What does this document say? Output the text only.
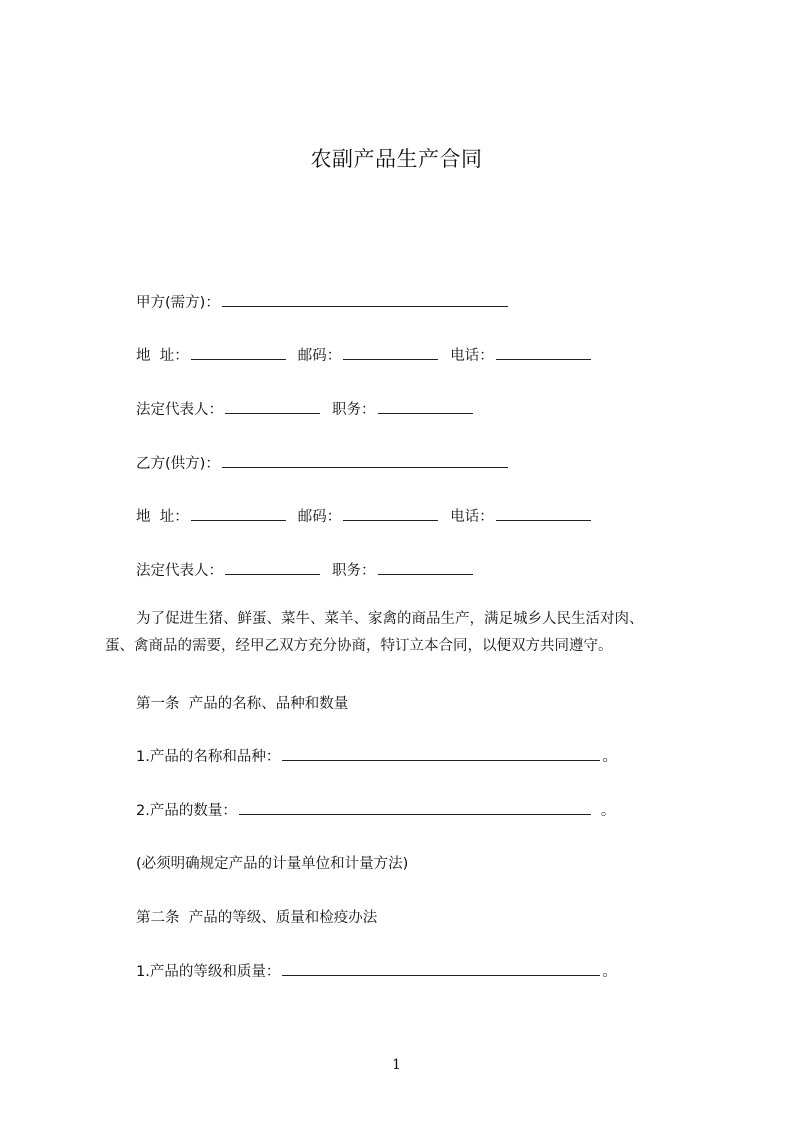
农副产品生产合同
甲方(需方)：
地  址：	邮码：	电话：
法定代表人：	职务：
乙方(供方)：
地  址：	邮码：	电话：
法定代表人：	职务：
为了促进生猪、鲜蛋、菜牛、菜羊、家禽的商品生产，满足城乡人民生活对肉、
蛋、禽商品的需要，经甲乙双方充分协商，特订立本合同，以便双方共同遵守。
第一条  产品的名称、品种和数量
1.产品的名称和品种：	。
2.产品的数量：	。
(必须明确规定产品的计量单位和计量方法)
第二条  产品的等级、质量和检疫办法
1.产品的等级和质量：	。
1
